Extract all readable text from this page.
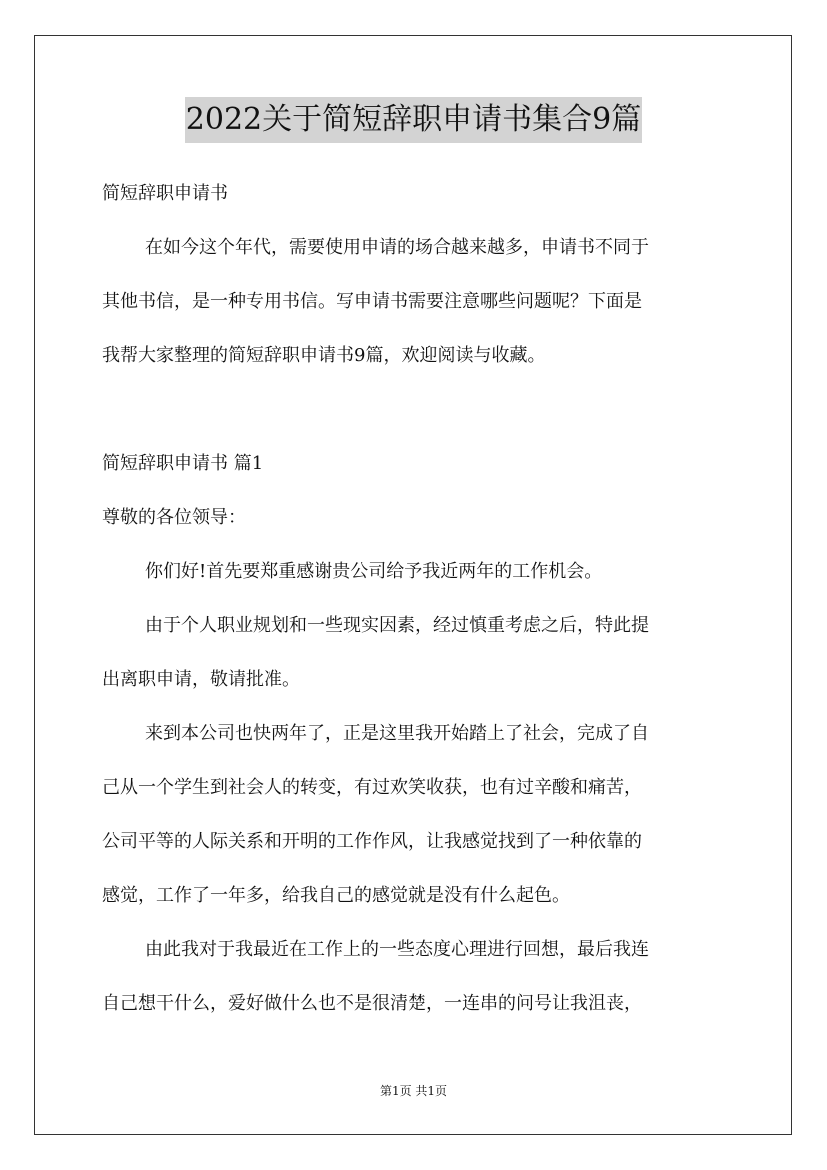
2022关于简短辞职申请书集合9篇
简短辞职申请书
在如今这个年代，需要使用申请的场合越来越多，申请书不同于
其他书信，是一种专用书信。写申请书需要注意哪些问题呢？下面是
我帮大家整理的简短辞职申请书9篇，欢迎阅读与收藏。
简短辞职申请书 篇1
尊敬的各位领导：
你们好!首先要郑重感谢贵公司给予我近两年的工作机会。
由于个人职业规划和一些现实因素，经过慎重考虑之后，特此提
出离职申请，敬请批准。
来到本公司也快两年了，正是这里我开始踏上了社会，完成了自
己从一个学生到社会人的转变，有过欢笑收获，也有过辛酸和痛苦，
公司平等的人际关系和开明的工作作风，让我感觉找到了一种依靠的
感觉，工作了一年多，给我自己的感觉就是没有什么起色。
由此我对于我最近在工作上的一些态度心理进行回想，最后我连
自己想干什么，爱好做什么也不是很清楚，一连串的问号让我沮丧，
第1页 共1页
